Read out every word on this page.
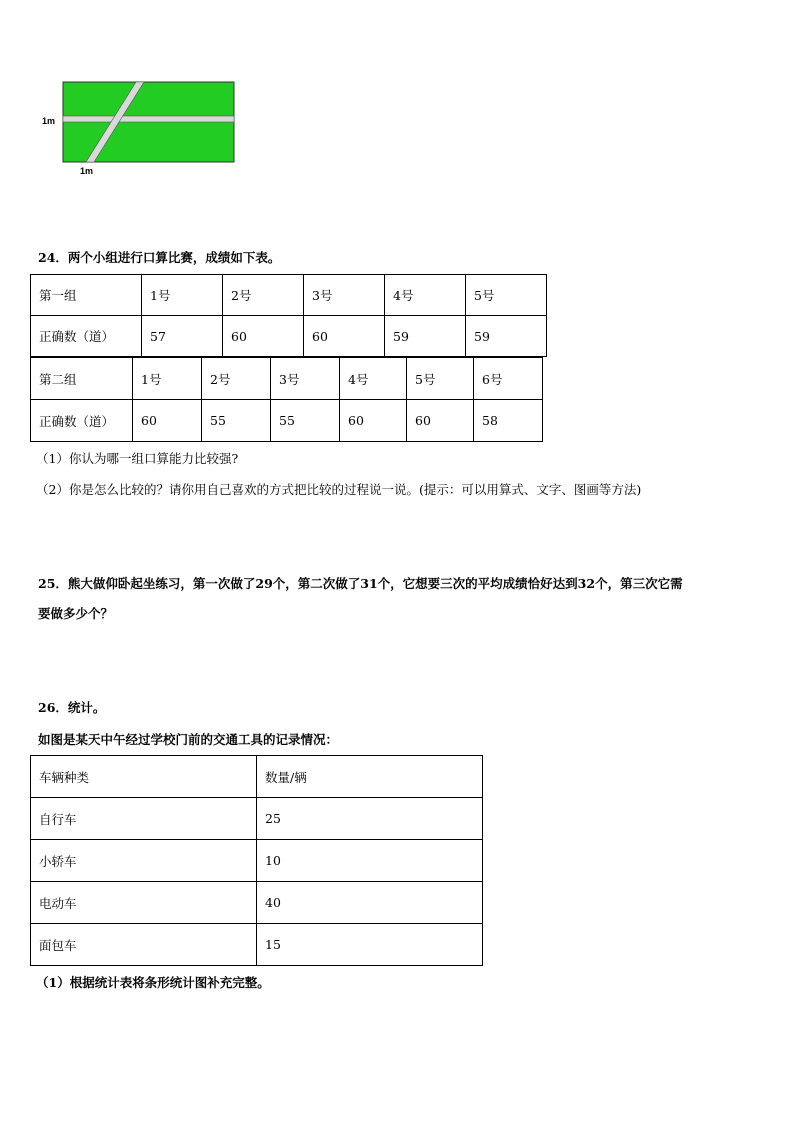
1m
1m
24．两个小组进行口算比赛，成绩如下表。
第一组	1号	2号	3号	4号	5号
正确数（道）	57	60	60	59	59
第二组	1号	2号	3号	4号	5号	6号
正确数（道）	60	55	55	60	60	58
（1）你认为哪一组口算能力比较强?
（2）你是怎么比较的？请你用自己喜欢的方式把比较的过程说一说。(提示：可以用算式、文字、图画等方法)
25．熊大做仰卧起坐练习，第一次做了29个，第二次做了31个，它想要三次的平均成绩恰好达到32个，第三次它需
要做多少个？
26．统计。
如图是某天中午经过学校门前的交通工具的记录情况：
车辆种类	数量/辆
自行车	25
小轿车	10
电动车	40
面包车	15
（1）根据统计表将条形统计图补充完整。
